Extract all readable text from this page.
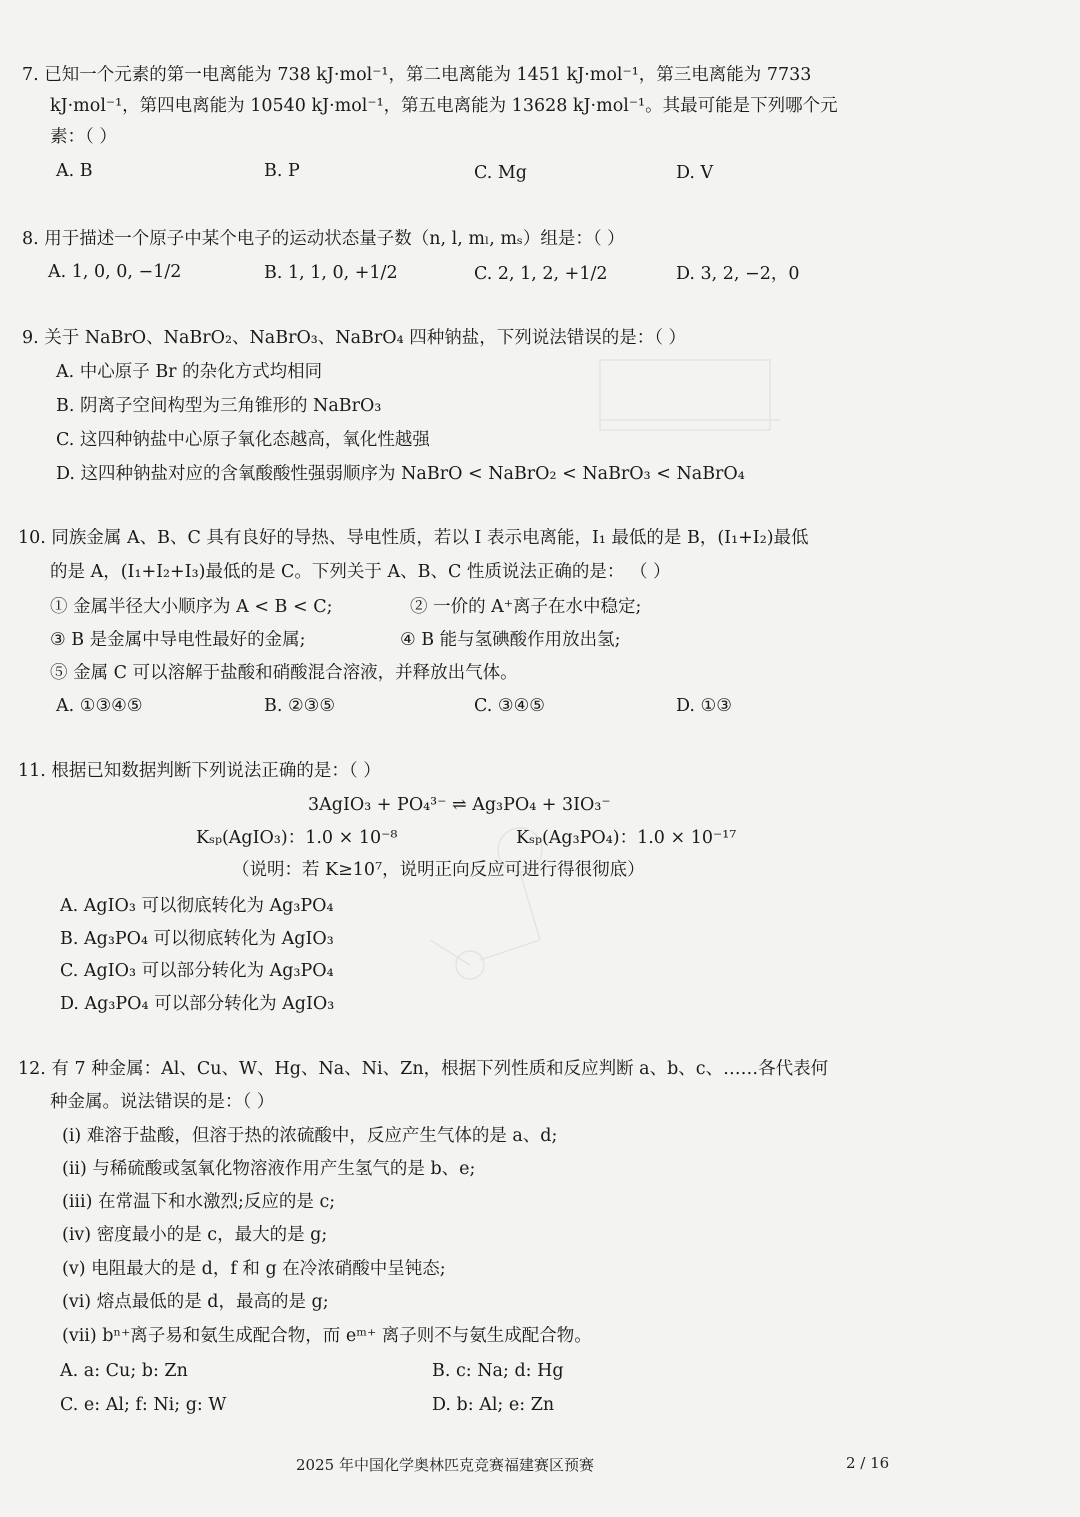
7. 已知一个元素的第一电离能为 738 kJ·mol⁻¹，第二电离能为 1451 kJ·mol⁻¹，第三电离能为 7733
kJ·mol⁻¹，第四电离能为 10540 kJ·mol⁻¹，第五电离能为 13628 kJ·mol⁻¹。其最可能是下列哪个元
素：（ ）
A. B	B. P	C. Mg	D. V
8. 用于描述一个原子中某个电子的运动状态量子数（n, l, mₗ, mₛ）组是：（ ）
A. 1, 0, 0, −1/2	B. 1, 1, 0, +1/2	C. 2, 1, 2, +1/2	D. 3, 2, −2，0
9. 关于 NaBrO、NaBrO₂、NaBrO₃、NaBrO₄ 四种钠盐，下列说法错误的是：（ ）
A. 中心原子 Br 的杂化方式均相同
B. 阴离子空间构型为三角锥形的 NaBrO₃
C. 这四种钠盐中心原子氧化态越高，氧化性越强
D. 这四种钠盐对应的含氧酸酸性强弱顺序为 NaBrO < NaBrO₂ < NaBrO₃ < NaBrO₄
10. 同族金属 A、B、C 具有良好的导热、导电性质，若以 I 表示电离能，I₁ 最低的是 B，(I₁+I₂)最低
的是 A，(I₁+I₂+I₃)最低的是 C。下列关于 A、B、C 性质说法正确的是： （ ）
① 金属半径大小顺序为 A < B < C;	② 一价的 A⁺离子在水中稳定;
③ B 是金属中导电性最好的金属;	④ B 能与氢碘酸作用放出氢;
⑤ 金属 C 可以溶解于盐酸和硝酸混合溶液，并释放出气体。
A. ①③④⑤	B. ②③⑤	C. ③④⑤	D. ①③
11. 根据已知数据判断下列说法正确的是：（ ）
3AgIO₃ + PO₄³⁻ ⇌ Ag₃PO₄ + 3IO₃⁻
Kₛₚ(AgIO₃)：1.0 × 10⁻⁸	Kₛₚ(Ag₃PO₄)：1.0 × 10⁻¹⁷
（说明：若 K≥10⁷，说明正向反应可进行得很彻底）
A. AgIO₃ 可以彻底转化为 Ag₃PO₄
B. Ag₃PO₄ 可以彻底转化为 AgIO₃
C. AgIO₃ 可以部分转化为 Ag₃PO₄
D. Ag₃PO₄ 可以部分转化为 AgIO₃
12. 有 7 种金属：Al、Cu、W、Hg、Na、Ni、Zn，根据下列性质和反应判断 a、b、c、……各代表何
种金属。说法错误的是：（ ）
(i) 难溶于盐酸，但溶于热的浓硫酸中，反应产生气体的是 a、d;
(ii) 与稀硫酸或氢氧化物溶液作用产生氢气的是 b、e;
(iii) 在常温下和水激烈;反应的是 c;
(iv) 密度最小的是 c，最大的是 g;
(v) 电阻最大的是 d，f 和 g 在冷浓硝酸中呈钝态;
(vi) 熔点最低的是 d，最高的是 g;
(vii) bⁿ⁺离子易和氨生成配合物，而 eᵐ⁺ 离子则不与氨生成配合物。
A. a: Cu; b: Zn	B. c: Na; d: Hg
C. e: Al; f: Ni; g: W	D. b: Al; e: Zn
2025 年中国化学奥林匹克竞赛福建赛区预赛	2 / 16
